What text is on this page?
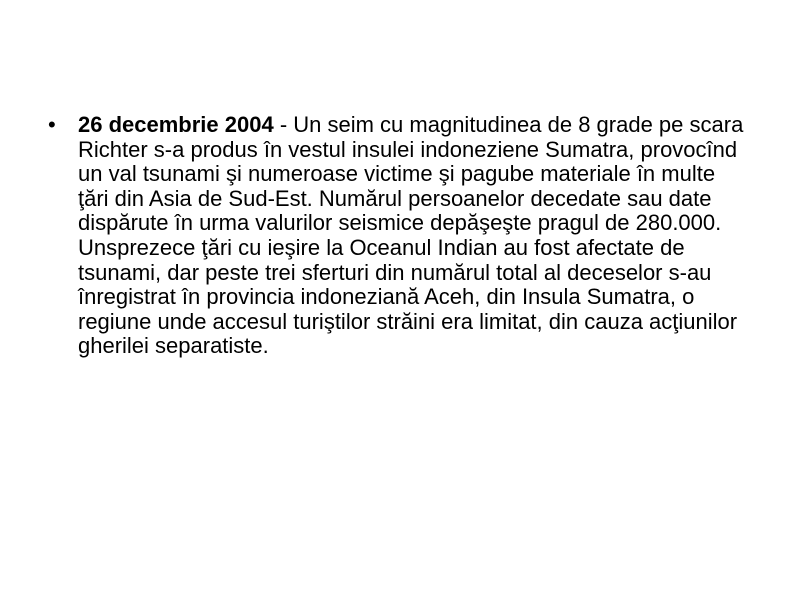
• 26 decembrie 2004 - Un seim cu magnitudinea de 8 grade pe scara Richter s-a produs în vestul insulei indoneziene Sumatra, provocînd un val tsunami şi numeroase victime şi pagube materiale în multe ţări din Asia de Sud-Est. Numărul persoanelor decedate sau date dispărute în urma valurilor seismice depăşeşte pragul de 280.000. Unsprezece ţări cu ieşire la Oceanul Indian au fost afectate de tsunami, dar peste trei sferturi din numărul total al deceselor s-au înregistrat în provincia indoneziană Aceh, din Insula Sumatra, o regiune unde accesul turiştilor străini era limitat, din cauza acţiunilor gherilei separatiste.
